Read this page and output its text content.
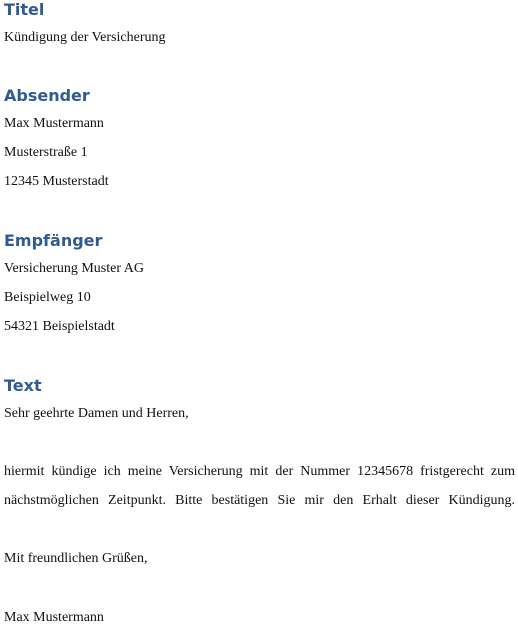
Titel

Kündigung der Versicherung

Absender

Max Mustermann

Musterstraße 1

12345 Musterstadt

Empfänger

Versicherung Muster AG

Beispielweg 10

54321 Beispielstadt

Text

Sehr geehrte Damen und Herren,

hiermit kündige ich meine Versicherung mit der Nummer 12345678 fristgerecht zum

nächstmöglichen Zeitpunkt. Bitte bestätigen Sie mir den Erhalt dieser Kündigung.

Mit freundlichen Grüßen,

Max Mustermann
